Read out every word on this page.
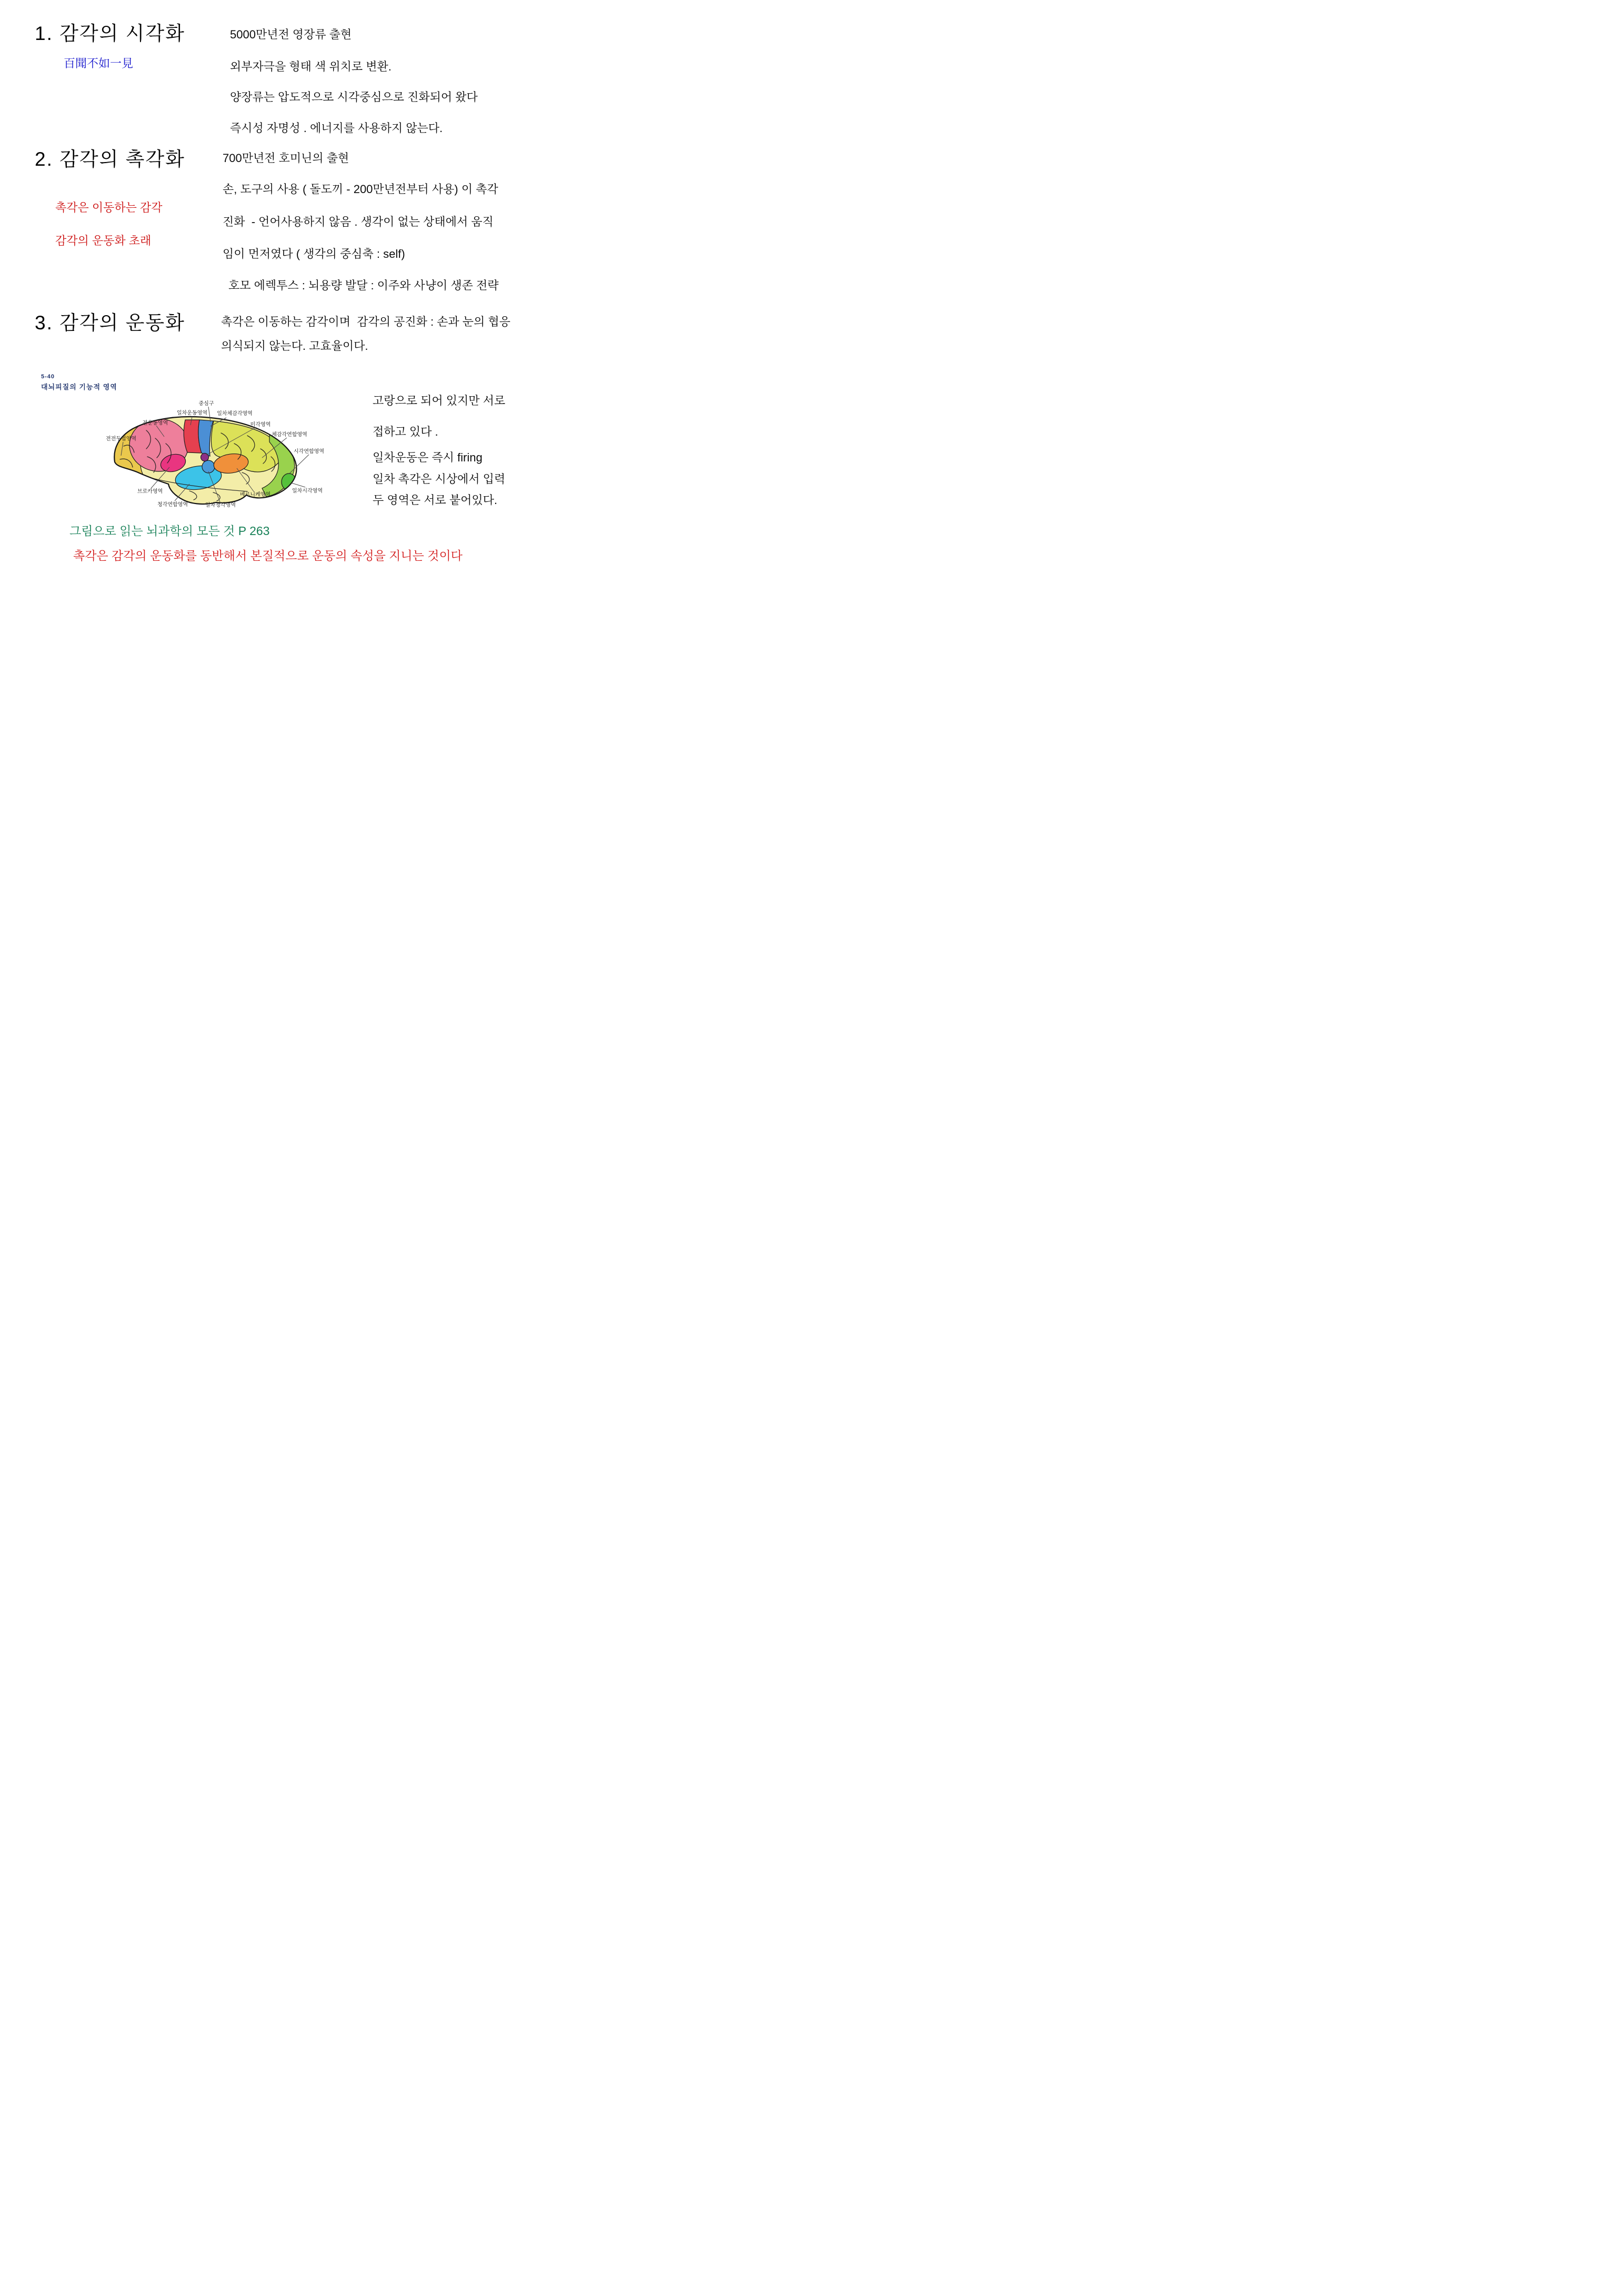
1. 감각의 시각화
百聞不如一見
5000만년전 영장류 출현
외부자극을 형태 색 위치로 변환.
양장류는 압도적으로 시각중심으로 진화되어 왔다
즉시성 자명성 . 에너지를 사용하지 않는다.
2. 감각의 촉각화	700만년전 호미닌의 출현
손, 도구의 사용 ( 돌도끼 - 200만년전부터 사용) 이 촉각
진화  - 언어사용하지 않음 . 생각이 없는 상태에서 움직
임이 먼저였다 ( 생각의 중심축 : self)
호모 에렉투스 : 뇌용량 발달 : 이주와 사냥이 생존 전략
촉각은 이동하는 감각
감각의 운동화 초래
3. 감각의 운동화	촉각은 이동하는 감각이며  감각의 공진화 : 손과 눈의 협응
의식되지 않는다. 고효율이다.
5-40
대뇌피질의 기능적 영역
중심구
일차운동영역 일차체감각영역
미각영역
전운동영역
체감각연합영역
전전두엽영역
시각연합영역
브로카영역
청각연합영역	일차청각영역
베르니케영역
일차시각영역
고랑으로 되어 있지만 서로
접하고 있다 .
일차운동은 즉시 firing
일차 촉각은 시상에서 입력
두 영역은 서로 붙어있다.
그림으로 읽는 뇌과학의 모든 것 P 263
촉각은 감각의 운동화를 동반해서 본질적으로 운동의 속성을 지니는 것이다
